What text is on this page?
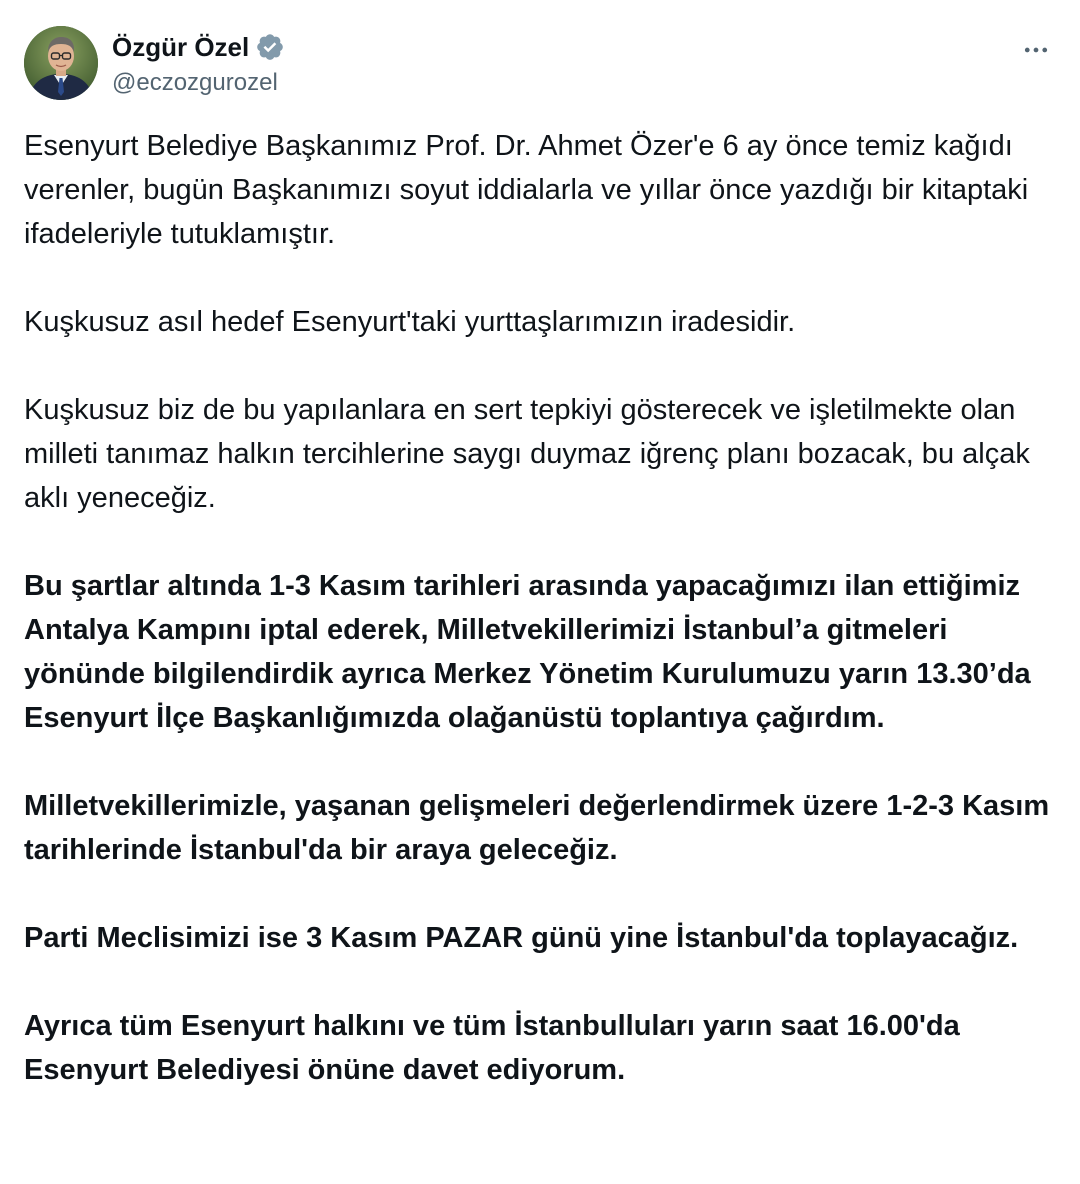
Özgür Özel
@eczozgurozel

Esenyurt Belediye Başkanımız Prof. Dr. Ahmet Özer'e 6 ay önce temiz kağıdı verenler, bugün Başkanımızı soyut iddialarla ve yıllar önce yazdığı bir kitaptaki ifadeleriyle tutuklamıştır.

Kuşkusuz asıl hedef Esenyurt'taki yurttaşlarımızın iradesidir.

Kuşkusuz biz de bu yapılanlara en sert tepkiyi gösterecek ve işletilmekte olan milleti tanımaz halkın tercihlerine saygı duymaz iğrenç planı bozacak, bu alçak aklı yeneceğiz.

Bu şartlar altında 1-3 Kasım tarihleri arasında yapacağımızı ilan ettiğimiz Antalya Kampını iptal ederek, Milletvekillerimizi İstanbul’a gitmeleri yönünde bilgilendirdik ayrıca Merkez Yönetim Kurulumuzu yarın 13.30’da Esenyurt İlçe Başkanlığımızda olağanüstü toplantıya çağırdım.

Milletvekillerimizle, yaşanan gelişmeleri değerlendirmek üzere 1-2-3 Kasım tarihlerinde İstanbul'da bir araya geleceğiz.

Parti Meclisimizi ise 3 Kasım PAZAR günü yine İstanbul'da toplayacağız.

Ayrıca tüm Esenyurt halkını ve tüm İstanbulluları yarın saat 16.00'da Esenyurt Belediyesi önüne davet ediyorum.
